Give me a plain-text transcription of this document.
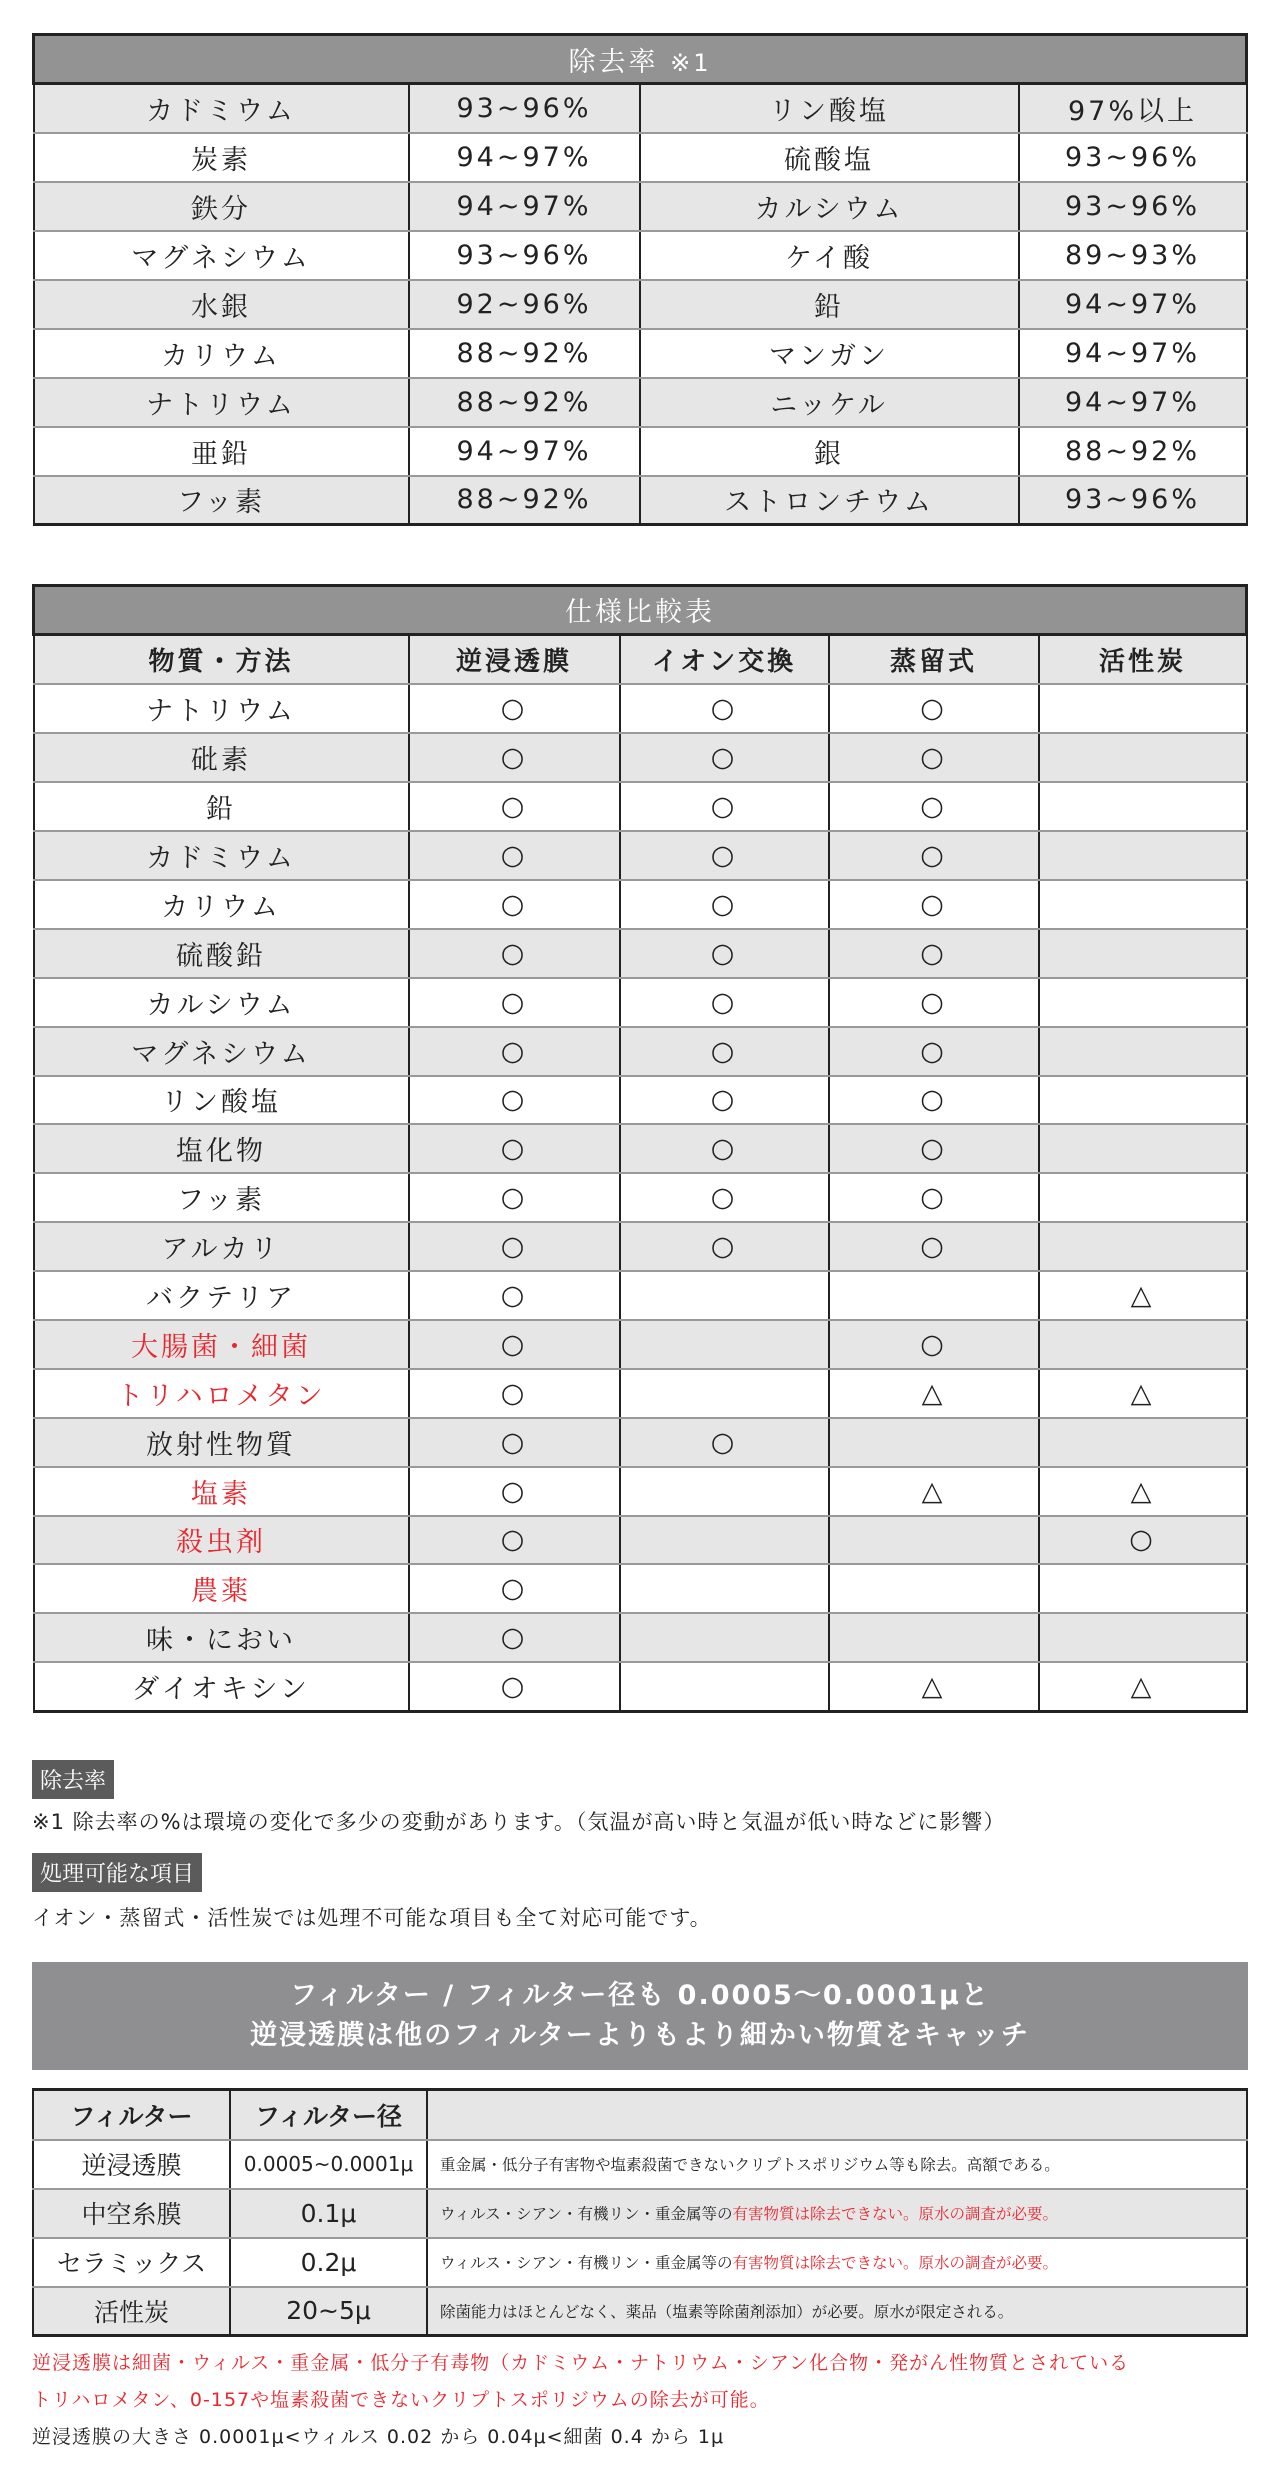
除去率 ※1			
カドミウム	93~96%	リン酸塩	97%以上
炭素	94~97%	硫酸塩	93~96%
鉄分	94~97%	カルシウム	93~96%
マグネシウム	93~96%	ケイ酸	89~93%
水銀	92~96%	鉛	94~97%
カリウム	88~92%	マンガン	94~97%
ナトリウム	88~92%	ニッケル	94~97%
亜鉛	94~97%	銀	88~92%
フッ素	88~92%	ストロンチウム	93~96%
仕様比較表				
物質・方法	逆浸透膜	イオン交換	蒸留式	活性炭
ナトリウム	○	○	○	
砒素	○	○	○	
鉛	○	○	○	
カドミウム	○	○	○	
カリウム	○	○	○	
硫酸鉛	○	○	○	
カルシウム	○	○	○	
マグネシウム	○	○	○	
リン酸塩	○	○	○	
塩化物	○	○	○	
フッ素	○	○	○	
アルカリ	○	○	○	
バクテリア	○			△
大腸菌・細菌	○		○	
トリハロメタン	○		△	△
放射性物質	○	○		
塩素	○		△	△
殺虫剤	○			○
農薬	○			
味・におい	○			
ダイオキシン	○		△	△
除去率
※1 除去率の%は環境の変化で多少の変動があります。（気温が高い時と気温が低い時などに影響）
処理可能な項目
イオン・蒸留式・活性炭では処理不可能な項目も全て対応可能です。
フィルター / フィルター径も 0.0005～0.0001μと
逆浸透膜は他のフィルターよりもより細かい物質をキャッチ
フィルター	フィルター径	
逆浸透膜	0.0005~0.0001μ	重金属・低分子有害物や塩素殺菌できないクリプトスポリジウム等も除去。高額である。
中空糸膜	0.1μ	ウィルス・シアン・有機リン・重金属等の有害物質は除去できない。原水の調査が必要。
セラミックス	0.2μ	ウィルス・シアン・有機リン・重金属等の有害物質は除去できない。原水の調査が必要。
活性炭	20~5μ	除菌能力はほとんどなく、薬品（塩素等除菌剤添加）が必要。原水が限定される。
逆浸透膜は細菌・ウィルス・重金属・低分子有毒物（カドミウム・ナトリウム・シアン化合物・発がん性物質とされている
トリハロメタン、0-157や塩素殺菌できないクリプトスポリジウムの除去が可能。
逆浸透膜の大きさ 0.0001μ<ウィルス 0.02 から 0.04μ<細菌 0.4 から 1μ
